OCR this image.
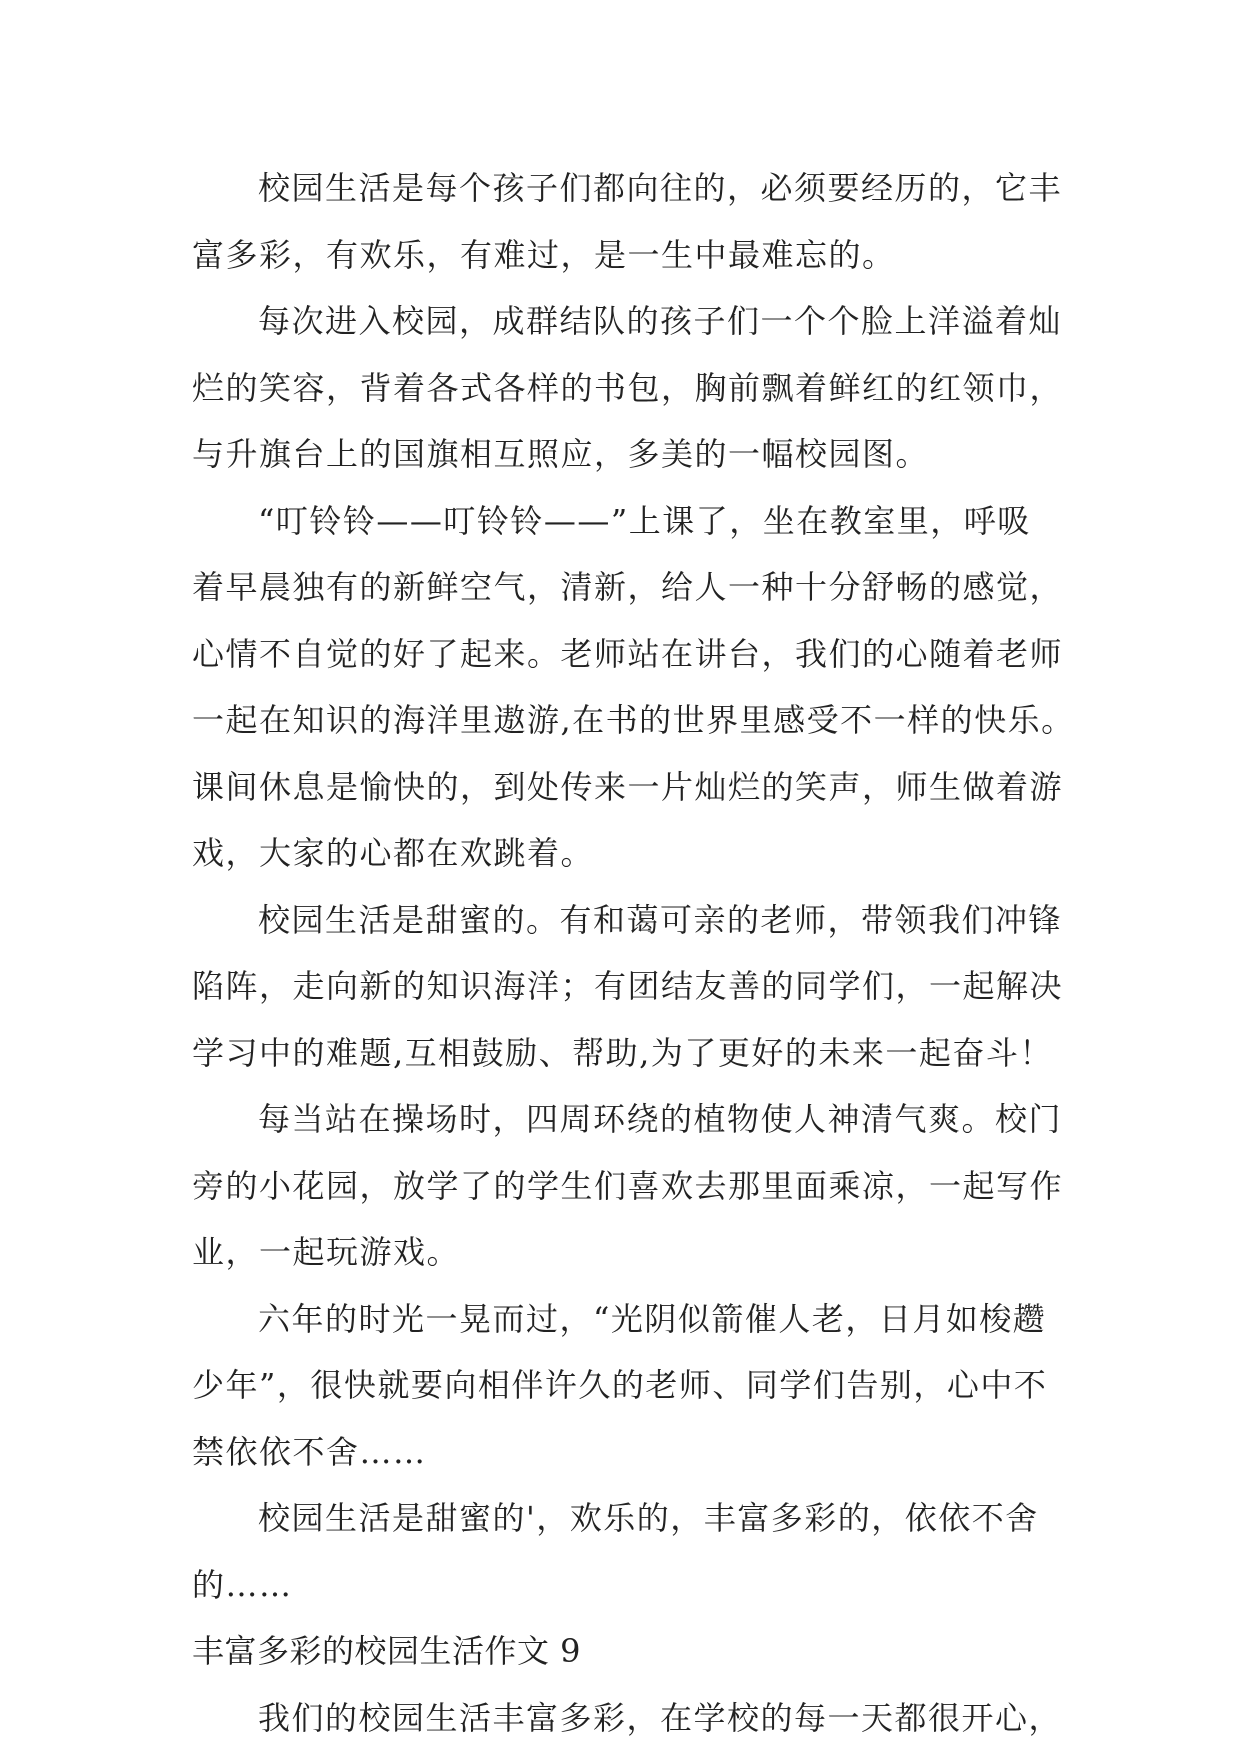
校园生活是每个孩子们都向往的，必须要经历的，它丰
富多彩，有欢乐，有难过，是一生中最难忘的。
每次进入校园，成群结队的孩子们一个个脸上洋溢着灿
烂的笑容，背着各式各样的书包，胸前飘着鲜红的红领巾，
与升旗台上的国旗相互照应，多美的一幅校园图。
“叮铃铃——叮铃铃——”上课了，坐在教室里，呼吸
着早晨独有的新鲜空气，清新，给人一种十分舒畅的感觉，
心情不自觉的好了起来。老师站在讲台，我们的心随着老师
一起在知识的海洋里遨游,在书的世界里感受不一样的快乐。
课间休息是愉快的，到处传来一片灿烂的笑声，师生做着游
戏，大家的心都在欢跳着。
校园生活是甜蜜的。有和蔼可亲的老师，带领我们冲锋
陷阵，走向新的知识海洋；有团结友善的同学们，一起解决
学习中的难题,互相鼓励、帮助,为了更好的未来一起奋斗！
每当站在操场时，四周环绕的植物使人神清气爽。校门
旁的小花园，放学了的学生们喜欢去那里面乘凉，一起写作
业，一起玩游戏。
六年的时光一晃而过，“光阴似箭催人老，日月如梭趱
少年”，很快就要向相伴许久的老师、同学们告别，心中不
禁依依不舍……
校园生活是甜蜜的'，欢乐的，丰富多彩的，依依不舍
的……
丰富多彩的校园生活作文 9
我们的校园生活丰富多彩，在学校的每一天都很开心，
